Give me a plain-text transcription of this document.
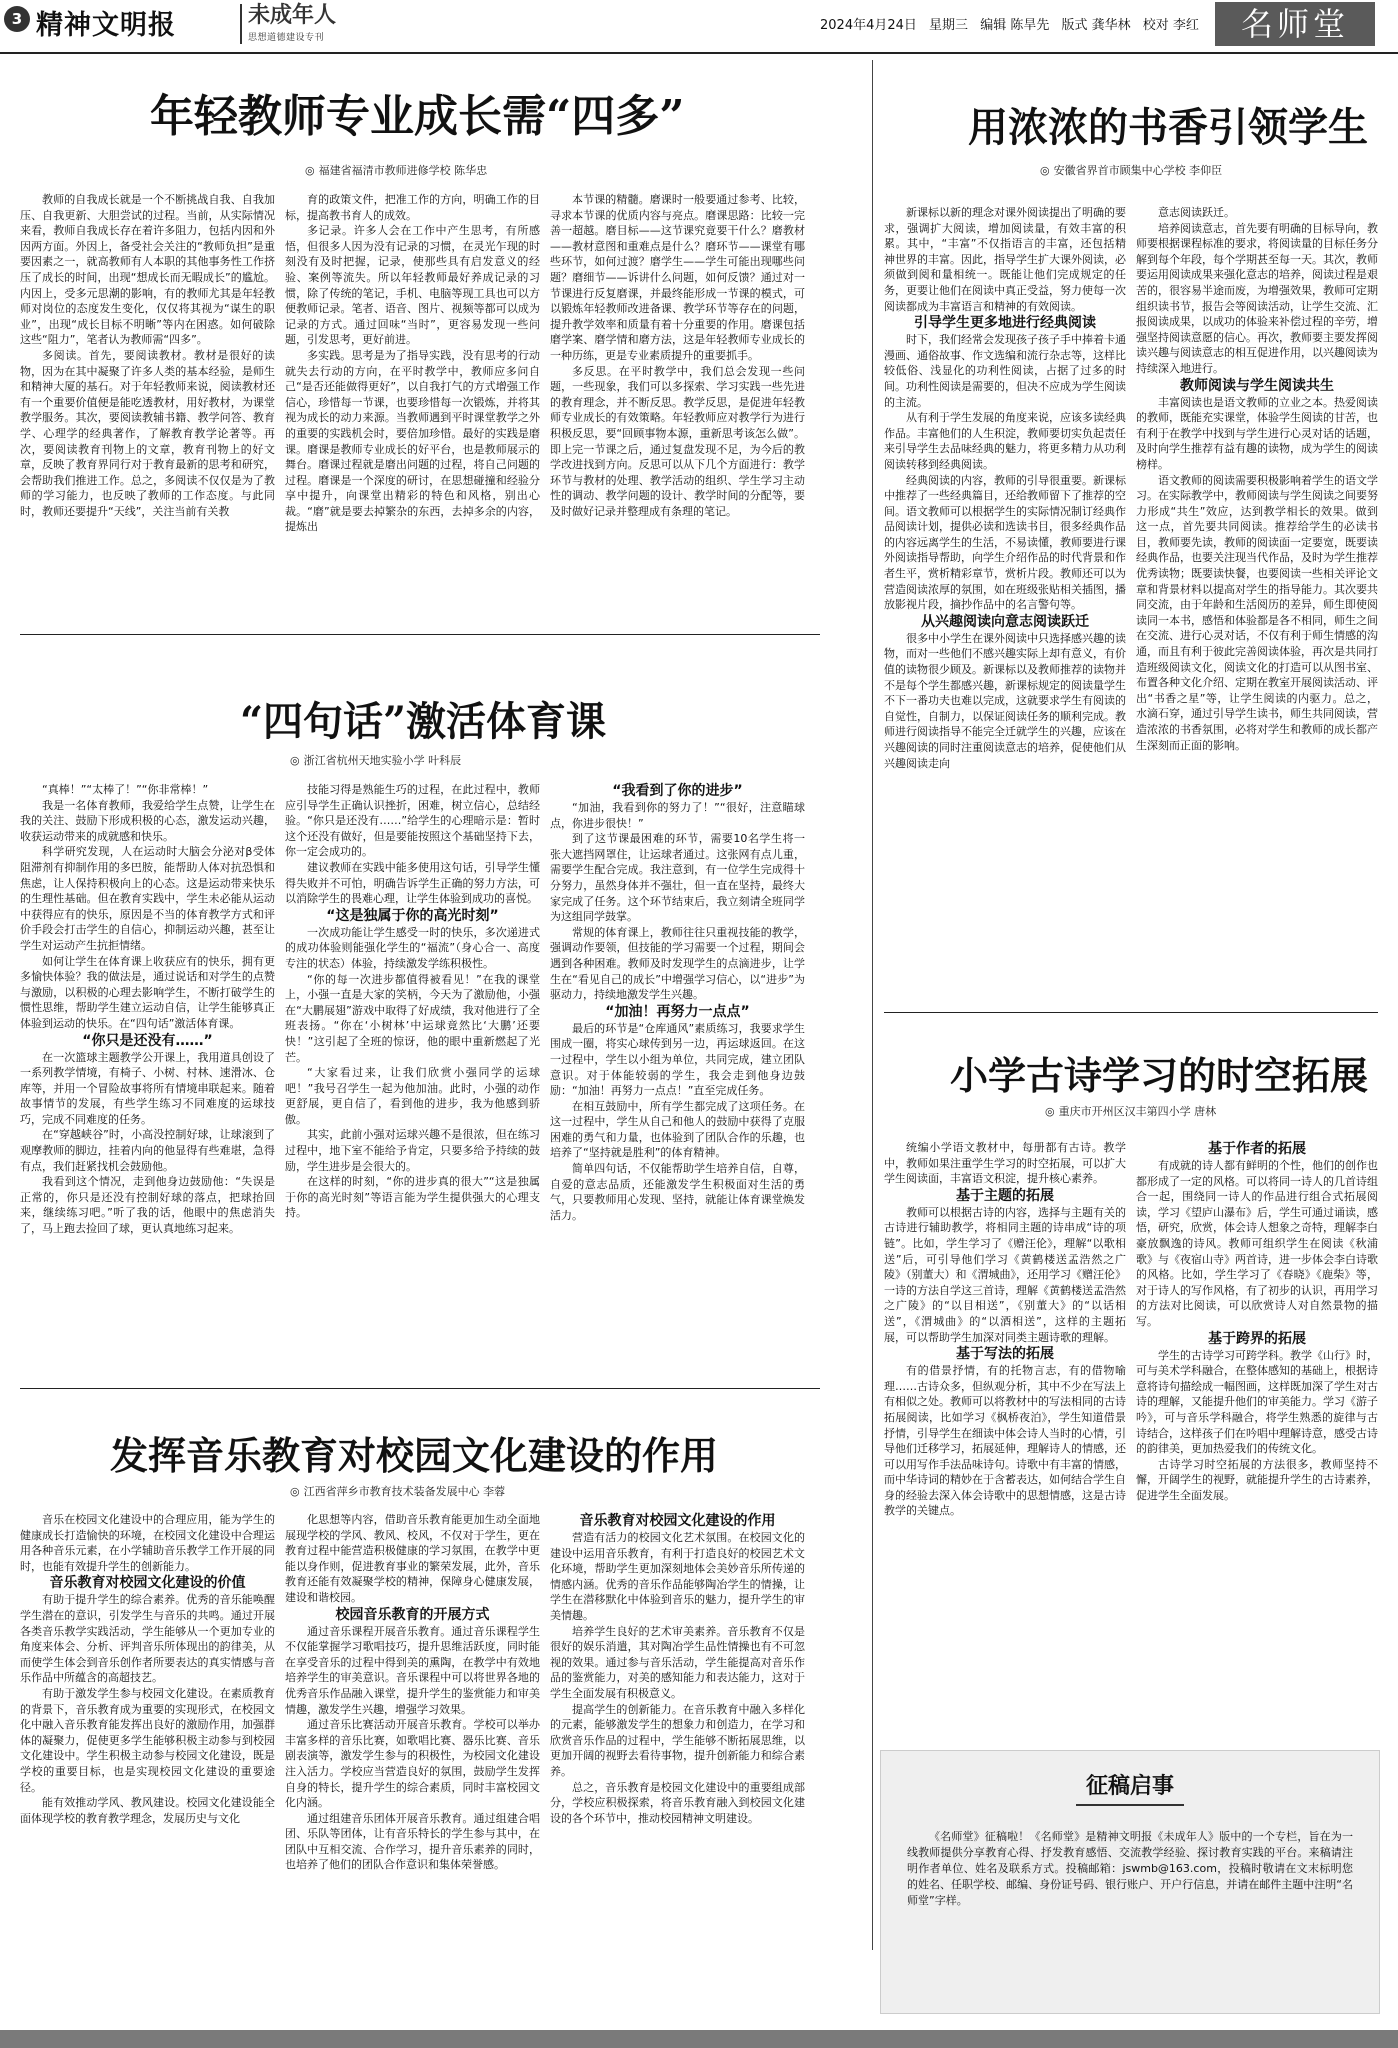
3 精神文明报	未成年人
思想道德建设专刊
2024年4月24日 星期三 编辑 陈旱先 版式 龚华林 校对 李红	名师堂
年轻教师专业成长需“四多”
◎ 福建省福清市教师进修学校 陈华忠

教师的自我成长就是一个不断挑战自我、自我加压、自我更新、大胆尝试的过程。当前，从实际情况来看，教师自我成长存在着许多阻力，包括内因和外因两方面。外因上，备受社会关注的“教师负担”是重要因素之一，就高教师有人本职的其他事务性工作挤压了成长的时间，出现“想成长而无暇成长”的尴尬。内因上，受多元思潮的影响，有的教师尤其是年轻教师对岗位的态度发生变化，仅仅将其视为“谋生的职业”，出现“成长目标不明晰”等内在困惑。如何破除这些“阻力”，笔者认为教师需“四多”。

多阅读。首先，要阅读教材。教材是很好的读物，因为在其中凝聚了许多人类的基本经验，是师生和精神大厦的基石。对于年轻教师来说，阅读教材还有一个重要价值便是能吃透教材，用好教材，为课堂教学服务。其次，要阅读教辅书籍、教学问答、教育学、心理学的经典著作，了解教育教学论著等。再次，要阅读教育刊物上的文章，教育刊物上的好文章，反映了教育界同行对于教育最新的思考和研究，会帮助我们推进工作。总之，多阅读不仅仅是为了教师的学习能力，也反映了教师的工作态度。与此同时，教师还要提升“天线”，关注当前有关教

育的政策文件，把准工作的方向，明确工作的目标，提高教书育人的成效。

多记录。许多人会在工作中产生思考，有所感悟，但很多人因为没有记录的习惯，在灵光乍现的时刻没有及时把握，记录，使那些具有启发意义的经验、案例等流失。所以年轻教师最好养成记录的习惯，除了传统的笔记，手机、电脑等现工具也可以方便教师记录。笔者、语音、图片、视频等都可以成为记录的方式。通过回味“当时”，更容易发现一些问题，引发思考，更好前进。

多实践。思考是为了指导实践，没有思考的行动就失去行动的方向，在平时教学中，教师应多问自己“是否还能做得更好”，以自我打气的方式增强工作信心，珍惜每一节课，也要珍惜每一次锻炼，并将其视为成长的动力来源。当教师遇到平时课堂教学之外的重要的实践机会时，要倍加珍惜。最好的实践是磨课。磨课是教师专业成长的好平台，也是教师展示的舞台。磨课过程就是磨出问题的过程，将自己问题的过程。磨课是一个深度的研讨，在思想碰撞和经验分享中提升，向课堂出精彩的特色和风格，别出心裁。“磨”就是要去掉繁杂的东西，去掉多余的内容，提炼出

本节课的精髓。磨课时一般要通过参考、比较，寻求本节课的优质内容与亮点。磨课思路：比较一完善一超越。磨目标——这节课究竟要干什么？磨教材——教材意图和重难点是什么？磨环节——课堂有哪些环节，如何过渡？磨学生——学生可能出现哪些问题？磨细节——诉讲什么问题，如何反馈？通过对一节课进行反复磨课，并最终能形成一节课的模式，可以锻炼年轻教师改进备课、教学环节等存在的问题，提升教学效率和质量有着十分重要的作用。磨课包括磨学案、磨学情和磨方法，这是年轻教师专业成长的一种历练，更是专业素质提升的重要抓手。

多反思。在平时教学中，我们总会发现一些问题，一些现象，我们可以多探索、学习实践一些先进的教育理念，并不断反思。教学反思，是促进年轻教师专业成长的有效策略。年轻教师应对教学行为进行积极反思，要“回顾事物本源，重新思考该怎么做”。即上完一节课之后，通过复盘发现不足，为今后的教学改进找到方向。反思可以从下几个方面进行：教学环节与教材的处理、教学活动的组织、学生学习主动性的调动、教学问题的设计、教学时间的分配等，要及时做好记录并整理成有条理的笔记。

用浓浓的书香引领学生
◎ 安徽省界首市顾集中心学校 李仰臣

新课标以新的理念对课外阅读提出了明确的要求，强调扩大阅读，增加阅读量，有效丰富的积累。其中，“丰富”不仅指语言的丰富，还包括精神世界的丰富。因此，指导学生扩大课外阅读，必须做到阅和量相统一。既能让他们完成规定的任务，更要让他们在阅读中真正受益，努力使每一次阅读都成为丰富语言和精神的有效阅读。

引导学生更多地进行经典阅读

时下，我们经常会发现孩子孩子手中捧着卡通漫画、通俗故事、作文选编和流行杂志等，这样比较低俗、浅显化的功利性阅读，占据了过多的时间。功利性阅读是需要的，但决不应成为学生阅读的主流。

从有利于学生发展的角度来说，应该多读经典作品。丰富他们的人生积淀，教师要切实负起责任来引导学生去品味经典的魅力，将更多精力从功利阅读转移到经典阅读。

经典阅读的内容，教师的引导很重要。新课标中推荐了一些经典篇目，还给教师留下了推荐的空间。语文教师可以根据学生的实际情况制订经典作品阅读计划，提供必读和选读书目，很多经典作品的内容远离学生的生活，不易读懂，教师要进行课外阅读指导帮助，向学生介绍作品的时代背景和作者生平，赏析精彩章节，赏析片段。教师还可以为营造阅读浓厚的氛围，如在班级张贴相关插图，播放影视片段，摘抄作品中的名言警句等。

从兴趣阅读向意志阅读跃迁

很多中小学生在课外阅读中只选择感兴趣的读物，而对一些他们不感兴趣实际上却有意义，有价值的读物很少顾及。新课标以及教师推荐的读物并不是每个学生都感兴趣，新课标规定的阅读量学生不下一番功夫也难以完成，这就要求学生有阅读的自觉性，自制力，以保证阅读任务的顺利完成。教师进行阅读指导不能完全迁就学生的兴趣，应该在兴趣阅读的同时注重阅读意志的培养，促使他们从兴趣阅读走向

意志阅读跃迁。

培养阅读意志，首先要有明确的目标导向，教师要根据课程标准的要求，将阅读量的目标任务分解到每个年段，每个学期甚至每一天。其次，教师要运用阅读成果来强化意志的培养，阅读过程是艰苦的，很容易半途而废，为增强效果，教师可定期组织读书节，报告会等阅读活动，让学生交流、汇报阅读成果，以成功的体验来补偿过程的辛劳，增强坚持阅读意愿的信心。再次，教师要主要发挥阅读兴趣与阅读意志的相互促进作用，以兴趣阅读为持续深入地进行。

教师阅读与学生阅读共生

丰富阅读也是语文教师的立业之本。热爱阅读的教师，既能充实课堂，体验学生阅读的甘苦，也有利于在教学中找到与学生进行心灵对话的话题，及时向学生推荐有益有趣的读物，成为学生的阅读榜样。

语文教师的阅读需要积极影响着学生的语文学习。在实际教学中，教师阅读与学生阅读之间要努力形成“共生”效应，达到教学相长的效果。做到这一点，首先要共同阅读。推荐给学生的必读书目，教师要先读，教师的阅读面一定要宽，既要读经典作品，也要关注现当代作品，及时为学生推荐优秀读物；既要读快餐，也要阅读一些相关评论文章和背景材料以提高对学生的指导能力。其次要共同交流，由于年龄和生活阅历的差异，师生即使阅读同一本书，感悟和体验都是各不相同，师生之间在交流、进行心灵对话，不仅有利于师生情感的沟通，而且有利于彼此完善阅读体验，再次是共同打造班级阅读文化，阅读文化的打造可以从图书室、布置各种文化介绍、定期在教室开展阅读活动、评出“书香之星”等，让学生阅读的内驱力。总之，水滴石穿，通过引导学生读书，师生共同阅读，营造浓浓的书香氛围，必将对学生和教师的成长都产生深刻而正面的影响。

“四句话”激活体育课
◎ 浙江省杭州天地实验小学 叶科辰

“真棒！”“太棒了！”“你非常棒！”

我是一名体育教师，我爱给学生点赞，让学生在我的关注、鼓励下形成积极的心态，激发运动兴趣，收获运动带来的成就感和快乐。

科学研究发现，人在运动时大脑会分泌对β受体阻滞剂有抑制作用的多巴胺，能帮助人体对抗恐惧和焦虑，让人保持积极向上的心态。这是运动带来快乐的生理性基础。但在教育实践中，学生未必能从运动中获得应有的快乐，原因是不当的体育教学方式和评价手段会打击学生的自信心，抑制运动兴趣，甚至让学生对运动产生抗拒情绪。

如何让学生在体育课上收获应有的快乐，拥有更多愉快体验？我的做法是，通过说话和对学生的点赞与激励，以积极的心理去影响学生，不断打破学生的惯性思维，帮助学生建立运动自信，让学生能够真正体验到运动的快乐。在“四句话”激活体育课。

“你只是还没有……”

在一次篮球主题教学公开课上，我用道具创设了一系列教学情境，有椅子、小树、村林、速滑冰、仓库等，并用一个冒险故事将所有情境串联起来。随着故事情节的发展，有些学生练习不同难度的运球技巧，完成不同难度的任务。

在“穿越峡谷”时，小高没控制好球，让球滚到了观摩教师的脚边，挂着内向的他显得有些难堪，急得有点，我们赶紧找机会鼓励他。

我看到这个情况，走到他身边鼓励他：“失误是正常的，你只是还没有控制好球的落点，把球抬回来，继续练习吧。”听了我的话，他眼中的焦虑消失了，马上跑去捡回了球，更认真地练习起来。

技能习得是熟能生巧的过程，在此过程中，教师应引导学生正确认识挫折，困难，树立信心，总结经验。“你只是还没有……”给学生的心理暗示是：暂时这个还没有做好，但是要能按照这个基础坚持下去，你一定会成功的。

建议教师在实践中能多使用这句话，引导学生懂得失败并不可怕，明确告诉学生正确的努力方法，可以消除学生的畏难心理，让学生体验到成功的喜悦。

“这是独属于你的高光时刻”

一次成功能让学生感受一时的快乐，多次递进式的成功体验则能强化学生的“福流”（身心合一、高度专注的状态）体验，持续激发学练积极性。

“你的每一次进步都值得被看见！”在我的课堂上，小强一直是大家的笑柄，今天为了激励他，小强在“大鹏展翅”游戏中取得了好成绩，我对他进行了全班表扬。“你在‘小树林’中运球竟然比‘大鹏’还要快！”这引起了全班的惊讶，他的眼中重新燃起了光芒。

“大家看过来，让我们欣赏小强同学的运球吧！”我号召学生一起为他加油。此时，小强的动作更舒展，更自信了，看到他的进步，我为他感到骄傲。

其实，此前小强对运球兴趣不是很浓，但在练习过程中，地下室不能给予肯定，只要多给予持续的鼓励，学生进步是会很大的。

在这样的时刻，“你的进步真的很大”“这是独属于你的高光时刻”等语言能为学生提供强大的心理支持。

“我看到了你的进步”

“加油，我看到你的努力了！”“很好，注意瞄球点，你进步很快！”

到了这节课最困难的环节，需要10名学生将一张大遮挡网罩住，让运球者通过。这张网有点儿重，需要学生配合完成。我注意到，有一位学生完成得十分努力，虽然身体并不强壮，但一直在坚持，最终大家完成了任务。这个环节结束后，我立刻请全班同学为这组同学鼓掌。

常规的体育课上，教师往往只重视技能的教学，强调动作要领，但技能的学习需要一个过程，期间会遇到各种困难。教师及时发现学生的点滴进步，让学生在“看见自己的成长”中增强学习信心，以“进步”为驱动力，持续地激发学生兴趣。

“加油！再努力一点点”

最后的环节是“仓库通风”素质练习，我要求学生围成一圈，将实心球传到另一边，再运球返回。在这一过程中，学生以小组为单位，共同完成，建立团队意识。对于体能较弱的学生，我会走到他身边鼓励：“加油！再努力一点点！”直至完成任务。

在相互鼓励中，所有学生都完成了这项任务。在这一过程中，学生从自己和他人的鼓励中获得了克服困难的勇气和力量，也体验到了团队合作的乐趣，也培养了“坚持就是胜利”的体育精神。

简单四句话，不仅能帮助学生培养自信，自尊，自爱的意志品质，还能激发学生积极面对生活的勇气，只要教师用心发现、坚持，就能让体育课堂焕发活力。

小学古诗学习的时空拓展
◎ 重庆市开州区汉丰第四小学 唐林

统编小学语文教材中，每册都有古诗。教学中，教师如果注重学生学习的时空拓展，可以扩大学生阅读面，丰富语文积淀，提升核心素养。

基于主题的拓展

教师可以根据古诗的内容，选择与主题有关的古诗进行辅助教学，将相同主题的诗串成“诗的项链”。比如，学生学习了《赠汪伦》，理解“以歌相送”后，可引导他们学习《黄鹤楼送孟浩然之广陵》（别董大）和《渭城曲》，还用学习《赠汪伦》一诗的方法自学这三首诗，理解《黄鹤楼送孟浩然之广陵》的“以目相送”，《别董大》的“以话相送”，《渭城曲》的“以酒相送”，这样的主题拓展，可以帮助学生加深对同类主题诗歌的理解。

基于写法的拓展

有的借景抒情，有的托物言志，有的借物喻理……古诗众多，但纵观分析，其中不少在写法上有相似之处。教师可以将教材中的写法相同的古诗拓展阅读，比如学习《枫桥夜泊》，学生知道借景抒情，引导学生在细读中体会诗人当时的心情，引导他们迁移学习，拓展延伸，理解诗人的情感，还可以用写作手法品味诗句。诗歌中有丰富的情感，而中华诗词的精妙在于含蓄表达，如何结合学生自身的经验去深入体会诗歌中的思想情感，这是古诗教学的关键点。

基于作者的拓展

有成就的诗人都有鲜明的个性，他们的创作也都形成了一定的风格。可以将同一诗人的几首诗组合一起，围绕同一诗人的作品进行组合式拓展阅读，学习《望庐山瀑布》后，学生可通过诵读，感悟，研究，欣赏，体会诗人想象之奇特，理解李白豪放飘逸的诗风。教师可组织学生在阅读《秋浦歌》与《夜宿山寺》两首诗，进一步体会李白诗歌的风格。比如，学生学习了《春晓》《鹿柴》等，对于诗人的写作风格，有了初步的认识，再用学习的方法对比阅读，可以欣赏诗人对自然景物的描写。

基于跨界的拓展

学生的古诗学习可跨学科。教学《山行》时，可与美术学科融合，在整体感知的基础上，根据诗意将诗句描绘成一幅图画，这样既加深了学生对古诗的理解，又能提升他们的审美能力。学习《游子吟》，可与音乐学科融合，将学生熟悉的旋律与古诗结合，这样孩子们在吟唱中理解诗意，感受古诗的韵律美，更加热爱我们的传统文化。

古诗学习时空拓展的方法很多，教师坚持不懈，开阔学生的视野，就能提升学生的古诗素养，促进学生全面发展。

发挥音乐教育对校园文化建设的作用
◎ 江西省萍乡市教育技术装备发展中心 李蓉

音乐在校园文化建设中的合理应用，能为学生的健康成长打造愉快的环境，在校园文化建设中合理运用各种音乐元素，在小学辅助音乐教学工作开展的同时，也能有效提升学生的创新能力。

音乐教育对校园文化建设的价值

有助于提升学生的综合素养。优秀的音乐能唤醒学生潜在的意识，引发学生与音乐的共鸣。通过开展各类音乐教学实践活动，学生能够从一个更加专业的角度来体会、分析、评判音乐所体现出的韵律美，从而使学生体会到音乐创作者所要表达的真实情感与音乐作品中所蕴含的高超技艺。

有助于激发学生参与校园文化建设。在素质教育的背景下，音乐教育成为重要的实现形式，在校园文化中融入音乐教育能发挥出良好的激励作用，加强群体的凝聚力，促使更多学生能够积极主动参与到校园文化建设中。学生积极主动参与校园文化建设，既是学校的重要目标，也是实现校园文化建设的重要途径。

能有效推动学风、教风建设。校园文化建设能全面体现学校的教育教学理念，发展历史与文化

化思想等内容，借助音乐教育能更加生动全面地展现学校的学风、教风、校风，不仅对于学生，更在教育过程中能营造积极健康的学习氛围，在教学中更能以身作则，促进教育事业的繁荣发展，此外，音乐教育还能有效凝聚学校的精神，保障身心健康发展，建设和谐校园。

校园音乐教育的开展方式

通过音乐课程开展音乐教育。通过音乐课程学生不仅能掌握学习歌唱技巧，提升思维活跃度，同时能在享受音乐的过程中得到美的熏陶，在教学中有效地培养学生的审美意识。音乐课程中可以将世界各地的优秀音乐作品融入课堂，提升学生的鉴赏能力和审美情趣，激发学生兴趣，增强学习效果。

通过音乐比赛活动开展音乐教育。学校可以举办丰富多样的音乐比赛，如歌唱比赛、器乐比赛、音乐剧表演等，激发学生参与的积极性，为校园文化建设注入活力。学校应当营造良好的氛围，鼓励学生发挥自身的特长，提升学生的综合素质，同时丰富校园文化内涵。

通过组建音乐团体开展音乐教育。通过组建合唱团、乐队等团体，让有音乐特长的学生参与其中，在团队中互相交流、合作学习，提升音乐素养的同时，也培养了他们的团队合作意识和集体荣誉感。

音乐教育对校园文化建设的作用

营造有活力的校园文化艺术氛围。在校园文化的建设中运用音乐教育，有利于打造良好的校园艺术文化环境，帮助学生更加深刻地体会美妙音乐所传递的情感内涵。优秀的音乐作品能够陶冶学生的情操，让学生在潜移默化中体验到音乐的魅力，提升学生的审美情趣。

培养学生良好的艺术审美素养。音乐教育不仅是很好的娱乐消遣，其对陶冶学生品性情操也有不可忽视的效果。通过参与音乐活动，学生能提高对音乐作品的鉴赏能力，对美的感知能力和表达能力，这对于学生全面发展有积极意义。

提高学生的创新能力。在音乐教育中融入多样化的元素，能够激发学生的想象力和创造力，在学习和欣赏音乐作品的过程中，学生能够不断拓展思维，以更加开阔的视野去看待事物，提升创新能力和综合素养。

总之，音乐教育是校园文化建设中的重要组成部分，学校应积极探索，将音乐教育融入到校园文化建设的各个环节中，推动校园精神文明建设。

征稿启事

《名师堂》征稿啦！《名师堂》是精神文明报《未成年人》版中的一个专栏，旨在为一线教师提供分享教育心得、抒发教育感悟、交流教学经验、探讨教育实践的平台。来稿请注明作者单位、姓名及联系方式。投稿邮箱：jswmb@163.com，投稿时敬请在文末标明您的姓名、任职学校、邮编、身份证号码、银行账户、开户行信息，并请在邮件主题中注明“名师堂”字样。
